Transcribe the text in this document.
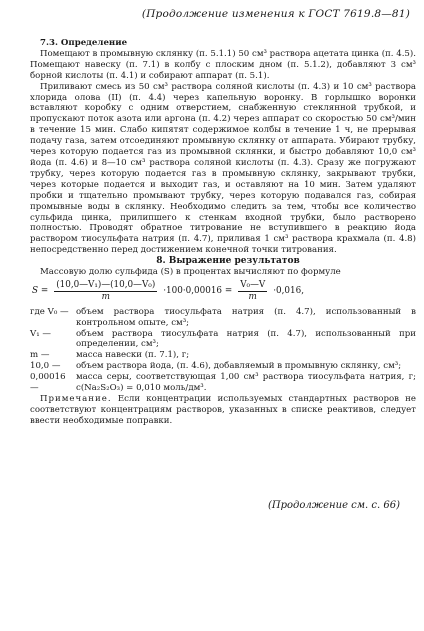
(Продолжение изменения к ГОСТ 7619.8—81)

7.3. Определение

Помещают в промывную склянку (п. 5.1.1) 50 см³ раствора ацетата цинка (п. 4.5). Помещают навеску (п. 7.1) в колбу с плоским дном (п. 5.1.2), добавляют 3 см³ борной кислоты (п. 4.1) и собирают аппарат (п. 5.1).

Приливают смесь из 50 см³ раствора соляной кислоты (п. 4.3) и 10 см³ раствора хлорида олова (II) (п. 4.4) через капельную воронку. В горлышко воронки вставляют коробку с одним отверстием, снабженную стеклянной трубкой, и пропускают поток азота или аргона (п. 4.2) через аппарат со скоростью 50 см³/мин в течение 15 мин. Слабо кипятят содержимое колбы в течение 1 ч, не прерывая подачу газа, затем отсоединяют промывную склянку от аппарата. Убирают трубку, через которую подается газ из промывной склянки, и быстро добавляют 10,0 см³ йода (п. 4.6) и 8—10 см³ раствора соляной кислоты (п. 4.3). Сразу же погружают трубку, через которую подается газ в промывную склянку, закрывают трубки, через которые подается и выходит газ, и оставляют на 10 мин. Затем удаляют пробки и тщательно промывают трубку, через которую подавался газ, собирая промывные воды в склянку. Необходимо следить за тем, чтобы все количество сульфида цинка, прилипшего к стенкам входной трубки, было растворено полностью. Проводят обратное титрование не вступившего в реакцию йода раствором тиосульфата натрия (п. 4.7), приливая 1 см³ раствора крахмала (п. 4.8) непосредственно перед достижением конечной точки титрования.

8. Выражение результатов

Массовую долю сульфида (S) в процентах вычисляют по формуле

$S = \frac{\text{(10,0—V₁)—(10,0—V₀)}}{m} \cdot 100\cdot 0,00016 = \frac{\text{V₀—V}}{m} \cdot 0,016$,
где V₀ — объем раствора тиосульфата натрия (п. 4.7), использованный в контрольном опыте, см³;
V₁ —	объем раствора тиосульфата натрия (п. 4.7), использованный при определении, см³;
m —	масса навески (п. 7.1), г;
10,0 —	объем раствора йода, (п. 4.6), добавляемый в промывную склянку, см³;
0,00016 —
масса серы, соответствующая 1,00 см³ раствора тиосульфата натрия, г; c(Na₂S₂O₃) = 0,010 моль/дм³.

Примечание. Если концентрации используемых стандартных растворов не соответствуют концентрациям растворов, указанных в списке реактивов, следует ввести необходимые поправки.

(Продолжение см. с. 66)
